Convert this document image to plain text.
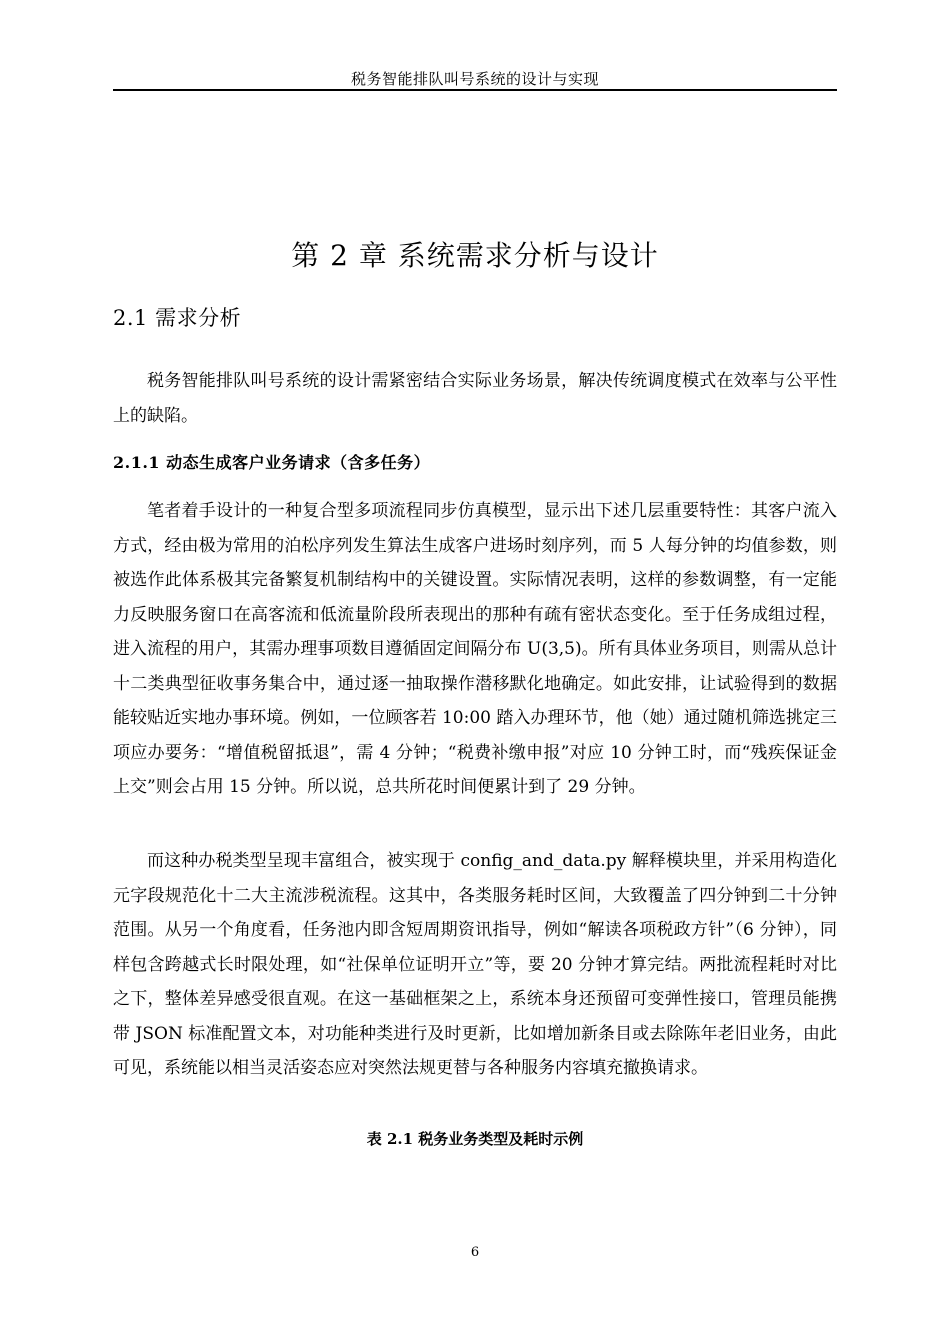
税务智能排队叫号系统的设计与实现
第 2 章 系统需求分析与设计
2.1 需求分析

税务智能排队叫号系统的设计需紧密结合实际业务场景，解决传统调度模式在效率与公平性上的缺陷。

2.1.1 动态生成客户业务请求（含多任务）

笔者着手设计的一种复合型多项流程同步仿真模型，显示出下述几层重要特性：其客户流入方式，经由极为常用的泊松序列发生算法生成客户进场时刻序列，而 5 人每分钟的均值参数，则被选作此体系极其完备繁复机制结构中的关键设置。实际情况表明，这样的参数调整，有一定能力反映服务窗口在高客流和低流量阶段所表现出的那种有疏有密状态变化。至于任务成组过程，进入流程的用户，其需办理事项数目遵循固定间隔分布 U(3,5)。所有具体业务项目，则需从总计十二类典型征收事务集合中，通过逐一抽取操作潜移默化地确定。如此安排，让试验得到的数据能较贴近实地办事环境。例如，一位顾客若 10:00 踏入办理环节，他（她）通过随机筛选挑定三项应办要务：“增值税留抵退”，需 4 分钟；“税费补缴申报”对应 10 分钟工时，而“残疾保证金上交”则会占用 15 分钟。所以说，总共所花时间便累计到了 29 分钟。

而这种办税类型呈现丰富组合，被实现于 config_and_data.py 解释模块里，并采用构造化元字段规范化十二大主流涉税流程。这其中，各类服务耗时区间，大致覆盖了四分钟到二十分钟范围。从另一个角度看，任务池内即含短周期资讯指导，例如“解读各项税政方针”（6 分钟），同样包含跨越式长时限处理，如“社保单位证明开立”等，要 20 分钟才算完结。两批流程耗时对比之下，整体差异感受很直观。在这一基础框架之上，系统本身还预留可变弹性接口，管理员能携带 JSON 标准配置文本，对功能种类进行及时更新，比如增加新条目或去除陈年老旧业务，由此可见，系统能以相当灵活姿态应对突然法规更替与各种服务内容填充撤换请求。

表 2.1 税务业务类型及耗时示例
6
